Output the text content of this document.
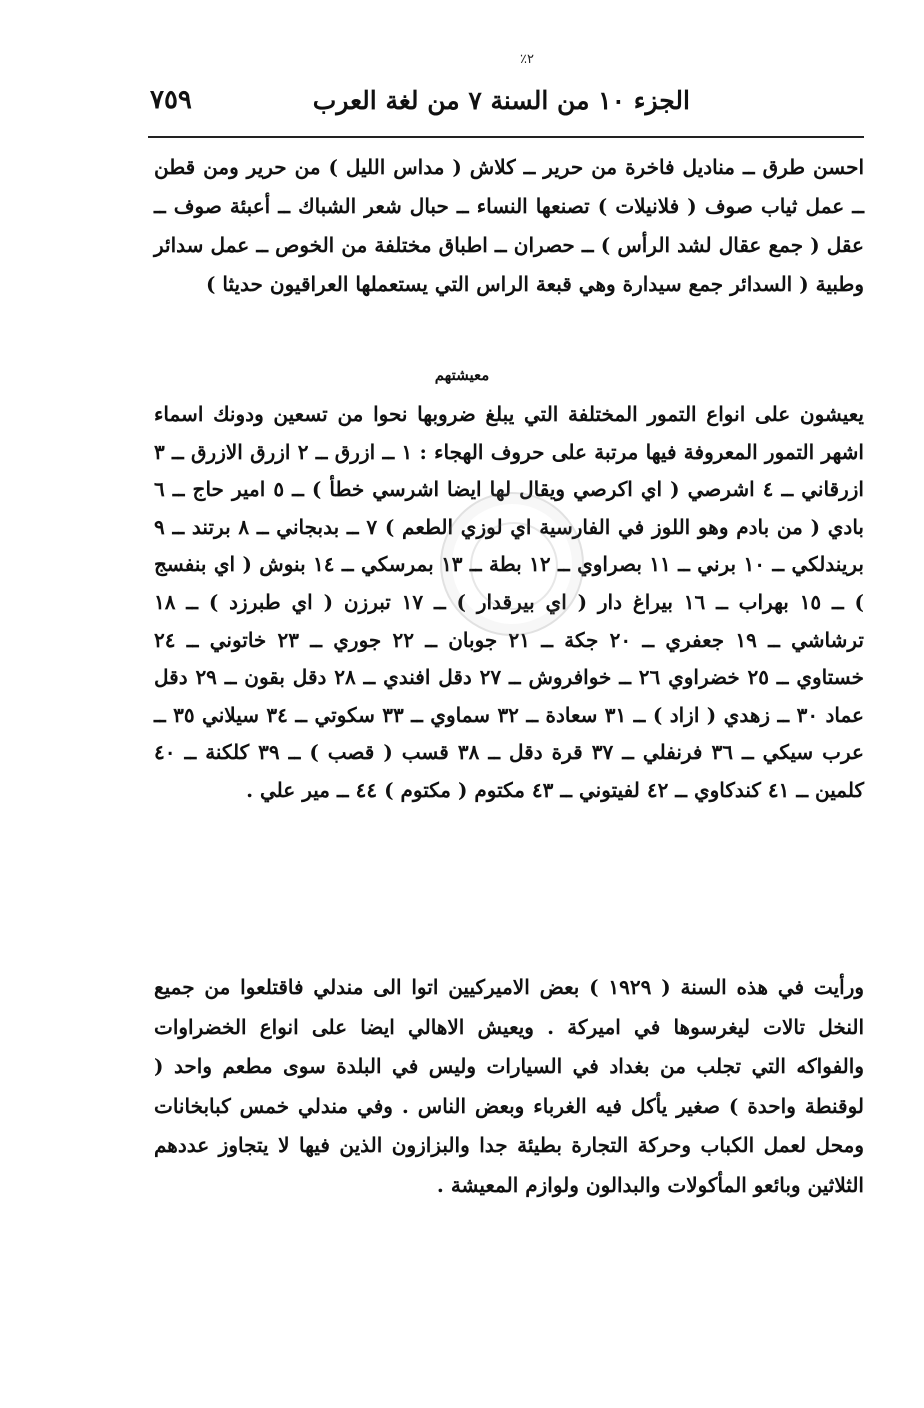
٪۲
الجزء ١٠ من السنة ٧ من لغة العرب
٧٥٩
احسن طرق ــ مناديل فاخرة من حرير ــ كلاش ( مداس الليل ) من حرير ومن قطن ــ عمل ثياب صوف ( فلانيلات ) تصنعها النساء ــ حبال شعر الشباك ــ أعبئة صوف ــ عقل ( جمع عقال لشد الرأس ) ــ حصران ــ اطباق مختلفة من الخوص ــ عمل سدائر وطبية ( السدائر جمع سيدارة وهي قبعة الراس التي يستعملها العراقيون حديثا )
معيشتهم
يعيشون على انواع التمور المختلفة التي يبلغ ضروبها نحوا من تسعين ودونك اسماء اشهر التمور المعروفة فيها مرتبة على حروف الهجاء : ١ ــ ازرق ــ ٢ ازرق الازرق ــ ٣ ازرقاني ــ ٤ اشرصي ( اي اكرصي ويقال لها ايضا اشرسي خطأ ) ــ ٥ امير حاج ــ ٦ بادي ( من بادم وهو اللوز في الفارسية اي لوزي الطعم ) ٧ ــ بدبجاني ــ ٨ برتند ــ ٩ بريندلكي ــ ١٠ برني ــ ١١ بصراوي ــ ١٢ بطة ــ ١٣ بمرسكي ــ ١٤ بنوش ( اي بنفسج ) ــ ١٥ بهراب ــ ١٦ بيراغ دار ( اي بيرقدار ) ــ ١٧ تبرزن ( اي طبرزد ) ــ ١٨ ترشاشي ــ ١٩ جعفري ــ ٢٠ جكة ــ ٢١ جوبان ــ ٢٢ جوري ــ ٢٣ خاتوني ــ ٢٤ خستاوي ــ ٢٥ خضراوي ٢٦ ــ خوافروش ــ ٢٧ دقل افندي ــ ٢٨ دقل بقون ــ ٢٩ دقل عماد ٣٠ ــ زهدي ( ازاد ) ــ ٣١ سعادة ــ ٣٢ سماوي ــ ٣٣ سكوتي ــ ٣٤ سيلاني ٣٥ ــ عرب سيكي ــ ٣٦ فرنفلي ــ ٣٧ قرة دقل ــ ٣٨ قسب ( قصب ) ــ ٣٩ كلكنة ــ ٤٠ كلمين ــ ٤١ كندكاوي ــ ٤٢ لفيتوني ــ ٤٣ مكتوم ( مكتوم ) ٤٤ ــ مير علي .
ورأيت في هذه السنة ( ١٩٢٩ ) بعض الاميركيين اتوا الى مندلي فاقتلعوا من جميع النخل تالات ليغرسوها في اميركة . ويعيش الاهالي ايضا على انواع الخضراوات والفواكه التي تجلب من بغداد في السيارات وليس في البلدة سوى مطعم واحد ( لوقنطة واحدة ) صغير يأكل فيه الغرباء وبعض الناس . وفي مندلي خمس كبابخانات ومحل لعمل الكباب وحركة التجارة بطيئة جدا والبزازون الذين فيها لا يتجاوز عددهم الثلاثين وبائعو المأكولات والبدالون ولوازم المعيشة .
